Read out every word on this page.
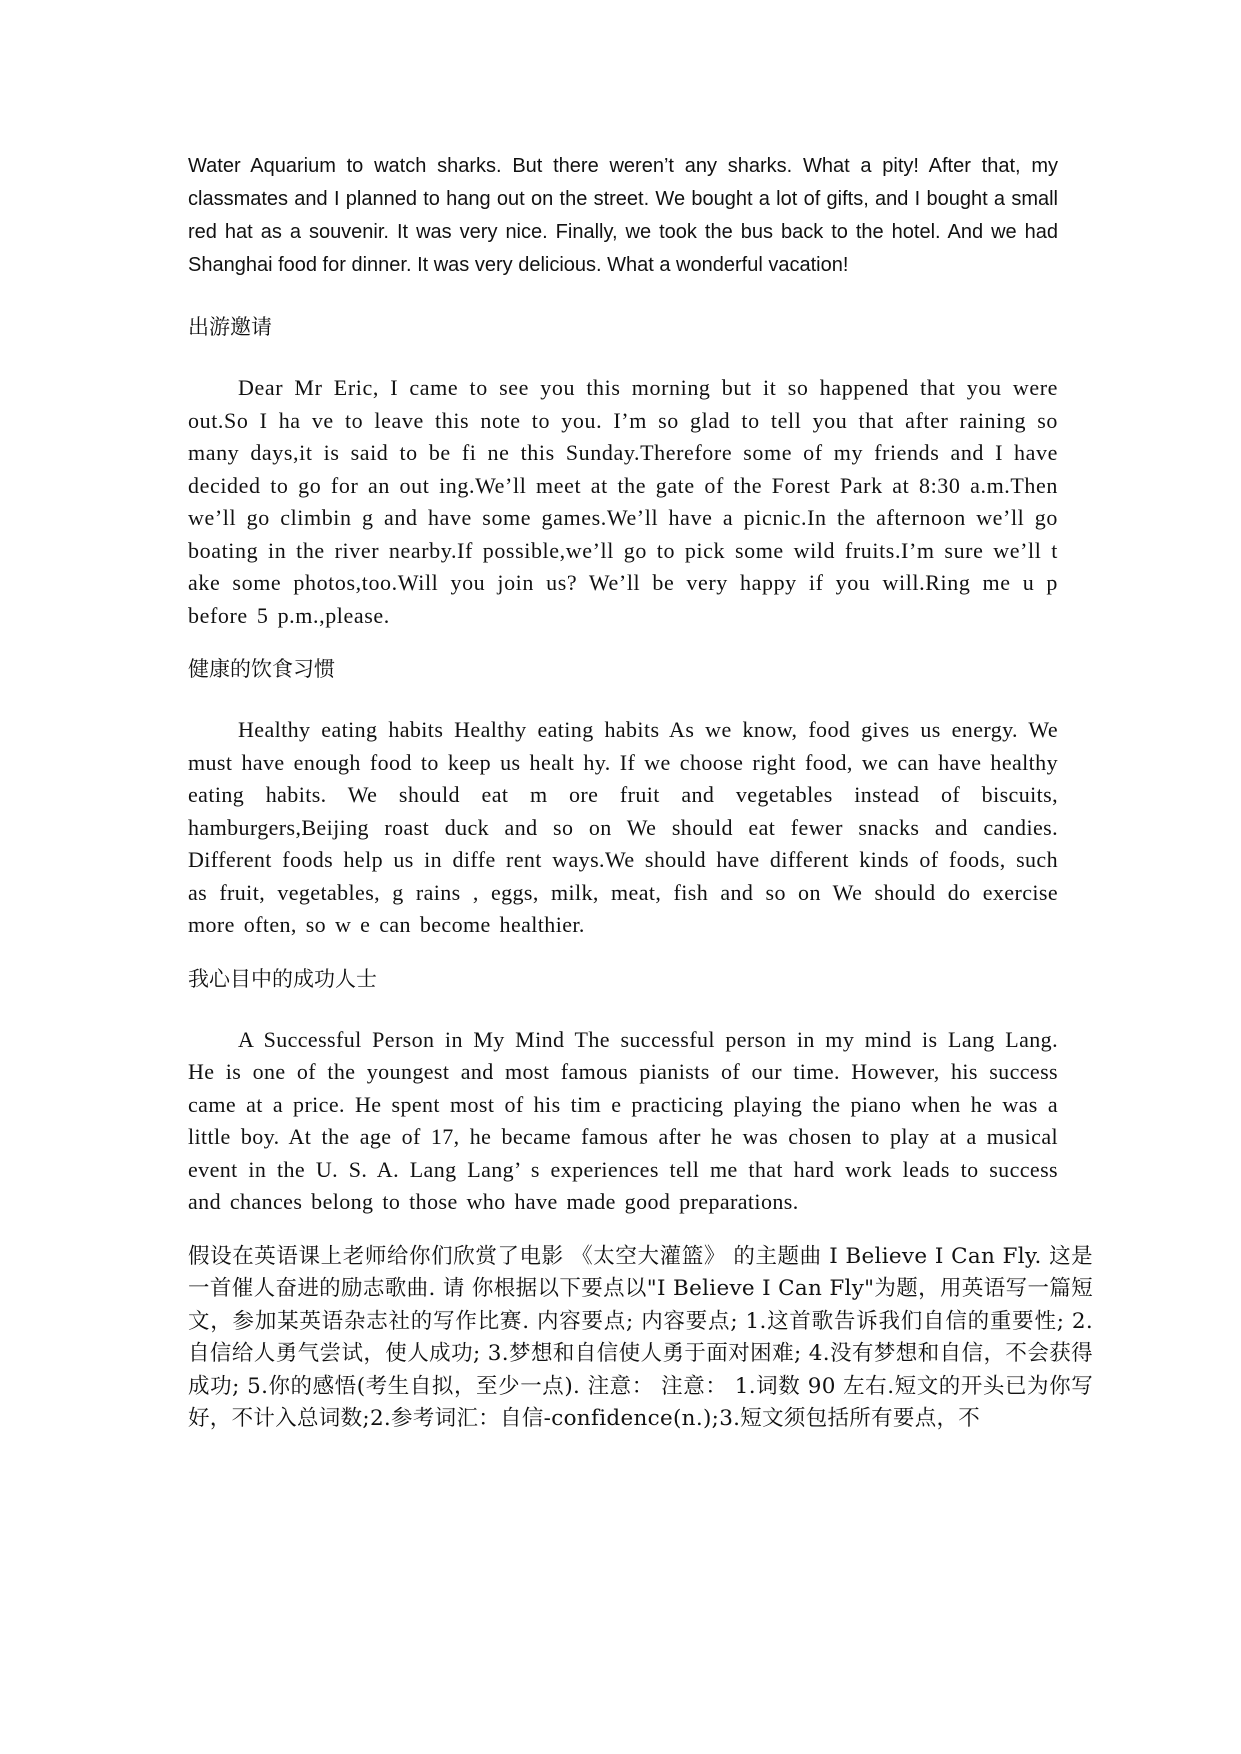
Water Aquarium to watch sharks. But there weren’t any sharks. What a pity! After that, my classmates and I planned to hang out on the street. We bought a lot of gifts, and I bought a small red hat as a souvenir. It was very nice. Finally, we took the bus back to the hotel. And we had Shanghai food for dinner. It was very delicious. What a wonderful vacation!

出游邀请

Dear Mr Eric, I came to see you this morning but it so happened that you were out.So I ha ve to leave this note to you. I’m so glad to tell you that after raining so many days,it is said to be fi ne this Sunday.Therefore some of my friends and I have decided to go for an out ing.We’ll meet at the gate of the Forest Park at 8:30 a.m.Then we’ll go climbin g and have some games.We’ll have a picnic.In the afternoon we’ll go boating in the river nearby.If possible,we’ll go to pick some wild fruits.I’m sure we’ll t ake some photos,too.Will you join us? We’ll be very happy if you will.Ring me u p before 5 p.m.,please.

健康的饮食习惯

Healthy eating habits Healthy eating habits As we know, food gives us energy. We must have enough food to keep us healt hy. If we choose right food, we can have healthy eating habits. We should eat m ore fruit and vegetables instead of biscuits, hamburgers,Beijing roast duck and so on We should eat fewer snacks and candies. Different foods help us in diffe rent ways.We should have different kinds of foods, such as fruit, vegetables, g rains , eggs, milk, meat, fish and so on We should do exercise more often, so w e can become healthier.

我心目中的成功人士

A Successful Person in My Mind The successful person in my mind is Lang Lang. He is one of the youngest and most famous pianists of our time. However, his success came at a price. He spent most of his tim e practicing playing the piano when he was a little boy. At the age of 17, he became famous after he was chosen to play at a musical event in the U. S. A. Lang Lang’ s experiences tell me that hard work leads to success and chances belong to those who have made good preparations.

假设在英语课上老师给你们欣赏了电影 《太空大灌篮》 的主题曲 I Believe I Can Fly. 这是一首催人奋进的励志歌曲. 请 你根据以下要点以"I Believe I Can Fly"为题，用英语写一篇短文，参加某英语杂志社的写作比赛. 内容要点; 内容要点; 1.这首歌告诉我们自信的重要性; 2.自信给人勇气尝试，使人成功; 3.梦想和自信使人勇于面对困难; 4.没有梦想和自信，不会获得成功; 5.你的感悟(考生自拟，至少一点). 注意： 注意： 1.词数 90 左右.短文的开头已为你写好，不计入总词数;2.参考词汇：自信-confidence(n.);3.短文须包括所有要点，不
